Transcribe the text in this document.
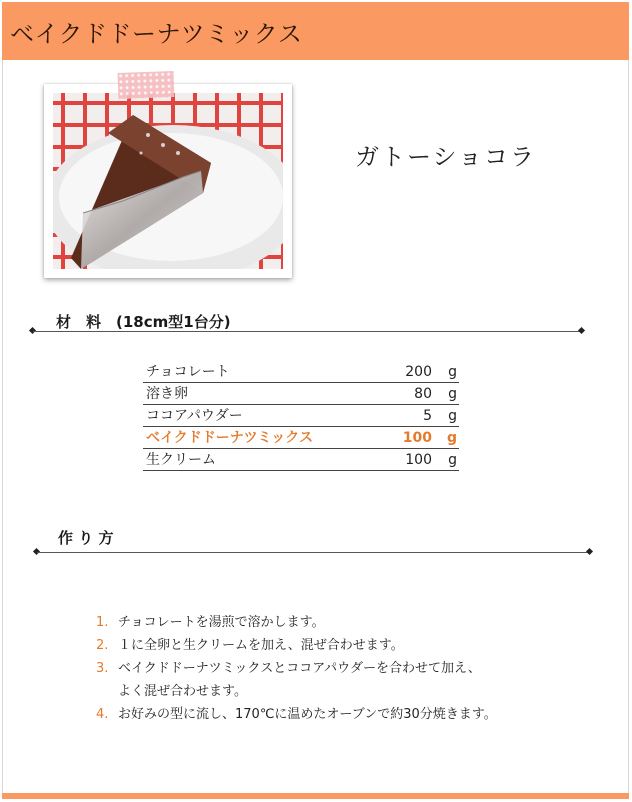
ベイクドドーナツミックス
ガトーショコラ
材　料　(18cm型1台分)
チョコレート	200	g
溶き卵	80	g
ココアパウダー	5	g
ベイクドドーナツミックス	100	g
生クリーム	100	g
作 り 方
1. チョコレートを湯煎で溶かします。
2. １に全卵と生クリームを加え、混ぜ合わせます。
3. ベイクドドーナツミックスとココアパウダーを合わせて加え、
よく混ぜ合わせます。
4. お好みの型に流し、170℃に温めたオーブンで約30分焼きます。
